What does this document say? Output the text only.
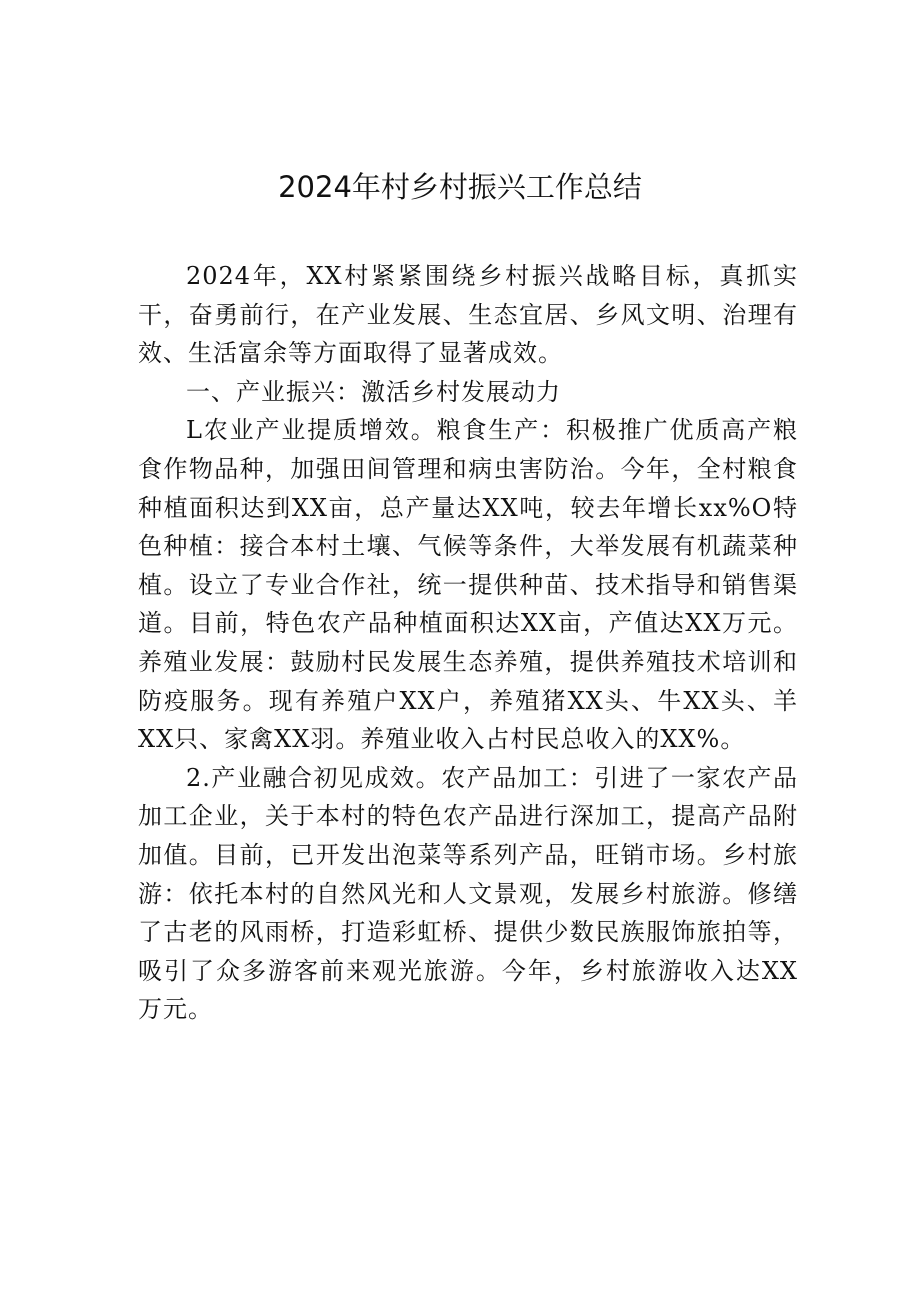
2024年村乡村振兴工作总结

2024年，XX村紧紧围绕乡村振兴战略目标，真抓实干，奋勇前行，在产业发展、生态宜居、乡风文明、治理有效、生活富余等方面取得了显著成效。

一、产业振兴：激活乡村发展动力

L农业产业提质增效。粮食生产：积极推广优质高产粮食作物品种，加强田间管理和病虫害防治。今年，全村粮食种植面积达到XX亩，总产量达XX吨，较去年增长xx%O特色种植：接合本村土壤、气候等条件，大举发展有机蔬菜种植。设立了专业合作社，统一提供种苗、技术指导和销售渠道。目前，特色农产品种植面积达XX亩，产值达XX万元。养殖业发展：鼓励村民发展生态养殖，提供养殖技术培训和防疫服务。现有养殖户XX户，养殖猪XX头、牛XX头、羊XX只、家禽XX羽。养殖业收入占村民总收入的XX%。

2.产业融合初见成效。农产品加工：引进了一家农产品加工企业，关于本村的特色农产品进行深加工，提高产品附加值。目前，已开发出泡菜等系列产品，旺销市场。乡村旅游：依托本村的自然风光和人文景观，发展乡村旅游。修缮了古老的风雨桥，打造彩虹桥、提供少数民族服饰旅拍等，吸引了众多游客前来观光旅游。今年，乡村旅游收入达XX万元。
